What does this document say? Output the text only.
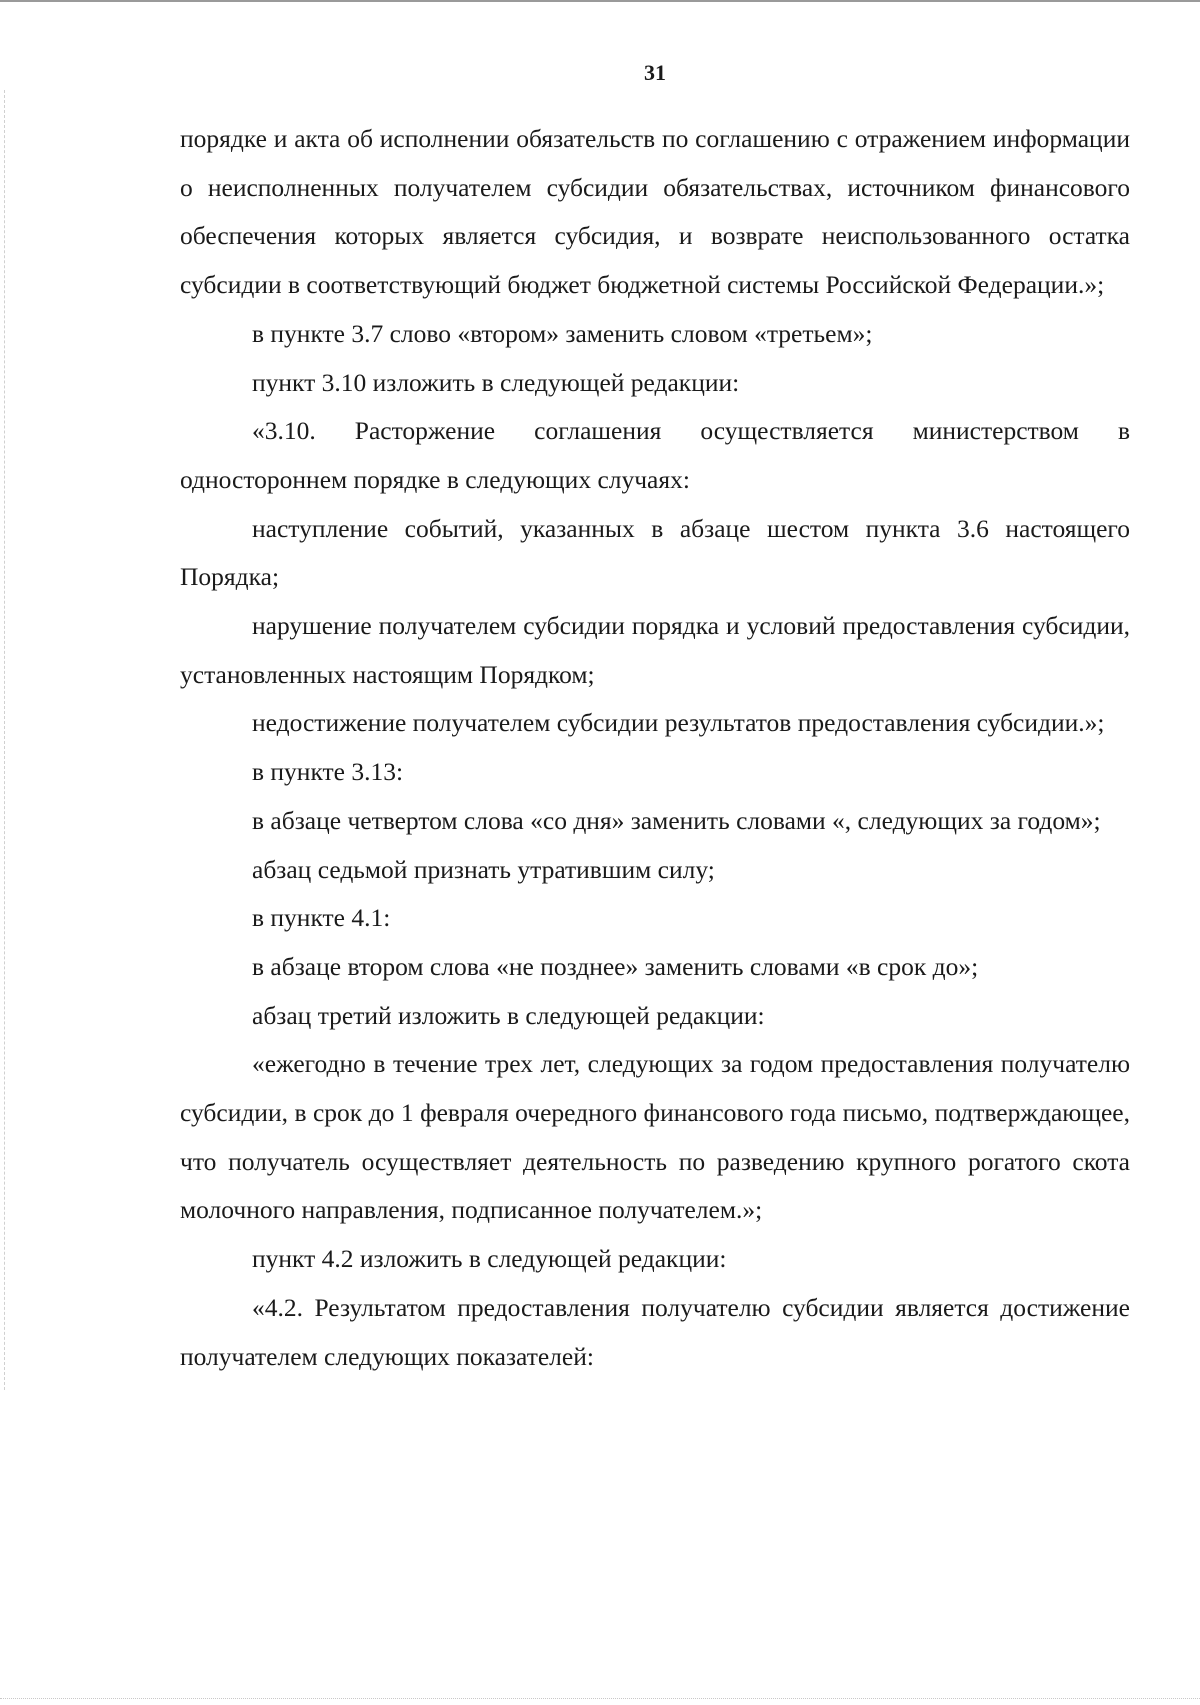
31

порядке и акта об исполнении обязательств по соглашению с отражением информации о неисполненных получателем субсидии обязательствах, источником финансового обеспечения которых является субсидия, и возврате неиспользованного остатка субсидии в соответствующий бюджет бюджетной системы Российской Федерации.»;

в пункте 3.7 слово «втором» заменить словом «третьем»;

пункт 3.10 изложить в следующей редакции:

«3.10. Расторжение соглашения осуществляется министерством в одностороннем порядке в следующих случаях:

наступление событий, указанных в абзаце шестом пункта 3.6 настоящего Порядка;

нарушение получателем субсидии порядка и условий предоставления субсидии, установленных настоящим Порядком;

недостижение получателем субсидии результатов предоставления субсидии.»;

в пункте 3.13:

в абзаце четвертом слова «со дня» заменить словами «, следующих за годом»;

абзац седьмой признать утратившим силу;

в пункте 4.1:

в абзаце втором слова «не позднее» заменить словами «в срок до»;

абзац третий изложить в следующей редакции:

«ежегодно в течение трех лет, следующих за годом предоставления получателю субсидии, в срок до 1 февраля очередного финансового года письмо, подтверждающее, что получатель осуществляет деятельность по разведению крупного рогатого скота молочного направления, подписанное получателем.»;

пункт 4.2 изложить в следующей редакции:

«4.2. Результатом предоставления получателю субсидии является достижение получателем следующих показателей:
